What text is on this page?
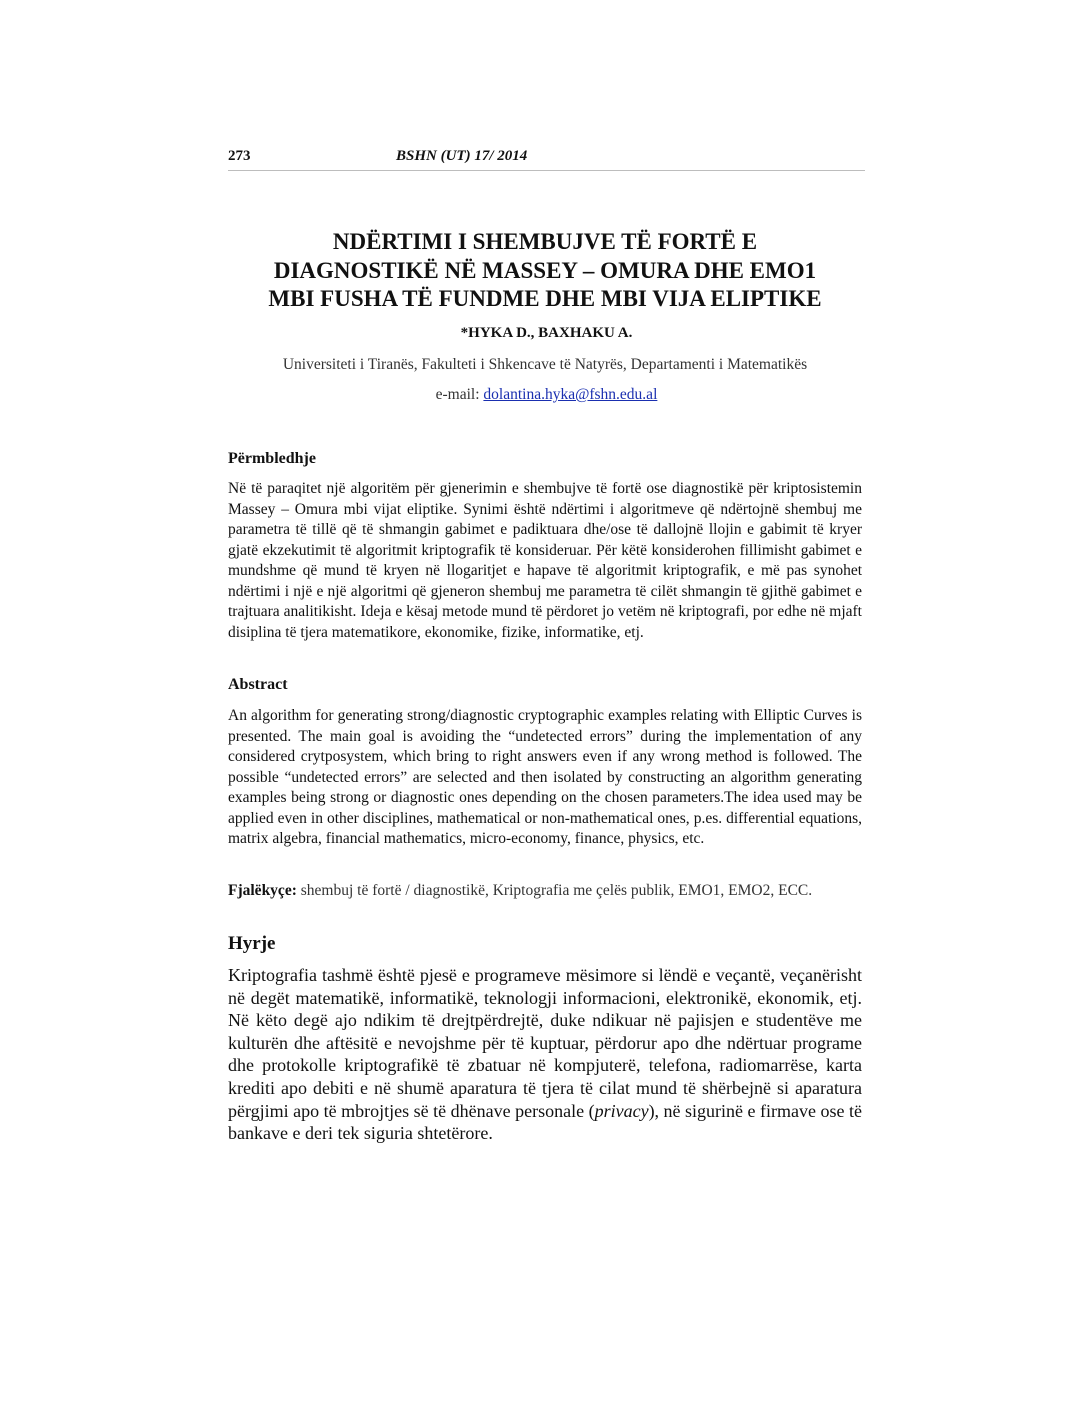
273	BSHN (UT) 17/ 2014
NDËRTIMI I SHEMBUJVE TË FORTË E
DIAGNOSTIKË NË MASSEY – OMURA DHE EMO1
MBI FUSHA TË FUNDME DHE MBI VIJA ELIPTIKE
*HYKA D., BAXHAKU A.
Universiteti i Tiranës, Fakulteti i Shkencave të Natyrës, Departamenti i Matematikës
e-mail: dolantina.hyka@fshn.edu.al
Përmbledhje

Në të paraqitet një algoritëm për gjenerimin e shembujve të fortë ose diagnostikë për kriptosistemin Massey – Omura mbi vijat eliptike. Synimi është ndërtimi i algoritmeve që ndërtojnë shembuj me parametra të tillë që të shmangin gabimet e padiktuara dhe/ose të dallojnë llojin e gabimit të kryer gjatë ekzekutimit të algoritmit kriptografik të konsideruar. Për këtë konsiderohen fillimisht gabimet e mundshme që mund të kryen në llogaritjet e hapave të algoritmit kriptografik, e më pas synohet ndërtimi i një e një algoritmi që gjeneron shembuj me parametra të cilët shmangin të gjithë gabimet e trajtuara analitikisht. Ideja e kësaj metode mund të përdoret jo vetëm në kriptografi, por edhe në mjaft disiplina të tjera matematikore, ekonomike, fizike, informatike, etj.

Abstract

An algorithm for generating strong/diagnostic cryptographic examples relating with Elliptic Curves is presented. The main goal is avoiding the “undetected errors” during the implementation of any considered crytposystem, which bring to right answers even if any wrong method is followed. The possible “undetected errors” are selected and then isolated by constructing an algorithm generating examples being strong or diagnostic ones depending on the chosen parameters.The idea used may be applied even in other disciplines, mathematical or non-mathematical ones, p.es. differential equations, matrix algebra, financial mathematics, micro-economy, finance, physics, etc.

Fjalëkyçe: shembuj të fortë / diagnostikë, Kriptografia me çelës publik, EMO1, EMO2, ECC.
Hyrje

Kriptografia tashmë është pjesë e programeve mësimore si lëndë e veçantë, veçanërisht në degët matematikë, informatikë, teknologji informacioni, elektronikë, ekonomik, etj. Në këto degë ajo ndikim të drejtpërdrejtë, duke ndikuar në pajisjen e studentëve me kulturën dhe aftësitë e nevojshme për të kuptuar, përdorur apo dhe ndërtuar programe dhe protokolle kriptografikë të zbatuar në kompjuterë, telefona, radiomarrëse, karta krediti apo debiti e në shumë aparatura të tjera të cilat mund të shërbejnë si aparatura përgjimi apo të mbrojtjes së të dhënave personale (privacy), në sigurinë e firmave ose të bankave e deri tek siguria shtetërore.
